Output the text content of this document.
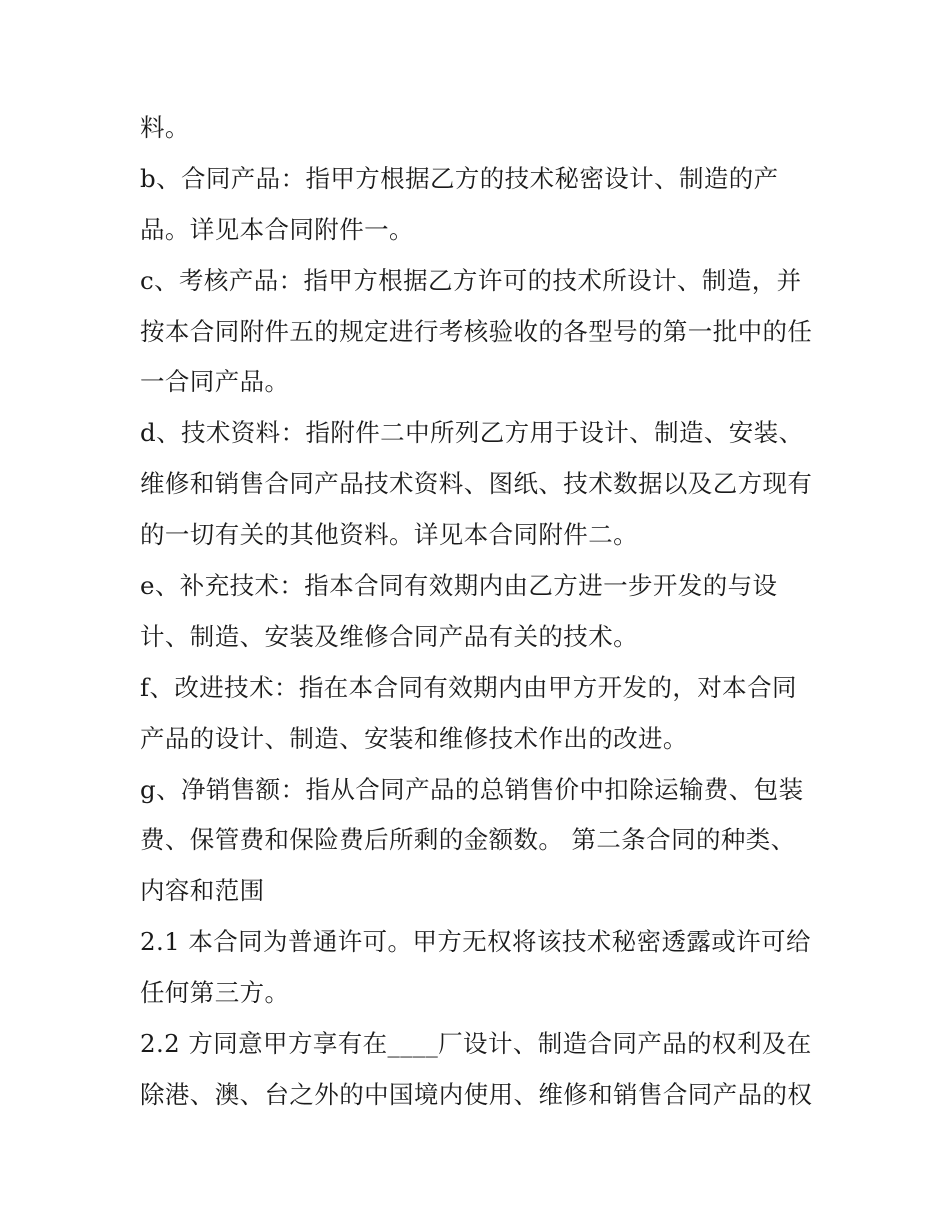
料。
b、合同产品：指甲方根据乙方的技术秘密设计、制造的产
品。详见本合同附件一。
c、考核产品：指甲方根据乙方许可的技术所设计、制造，并
按本合同附件五的规定进行考核验收的各型号的第一批中的任
一合同产品。
d、技术资料：指附件二中所列乙方用于设计、制造、安装、
维修和销售合同产品技术资料、图纸、技术数据以及乙方现有
的一切有关的其他资料。详见本合同附件二。
e、补充技术：指本合同有效期内由乙方进一步开发的与设
计、制造、安装及维修合同产品有关的技术。
f、改进技术：指在本合同有效期内由甲方开发的，对本合同
产品的设计、制造、安装和维修技术作出的改进。
g、净销售额：指从合同产品的总销售价中扣除运输费、包装
费、保管费和保险费后所剩的金额数。 第二条合同的种类、
内容和范围
2.1 本合同为普通许可。甲方无权将该技术秘密透露或许可给
任何第三方。
2.2 方同意甲方享有在____厂设计、制造合同产品的权利及在
除港、澳、台之外的中国境内使用、维修和销售合同产品的权
